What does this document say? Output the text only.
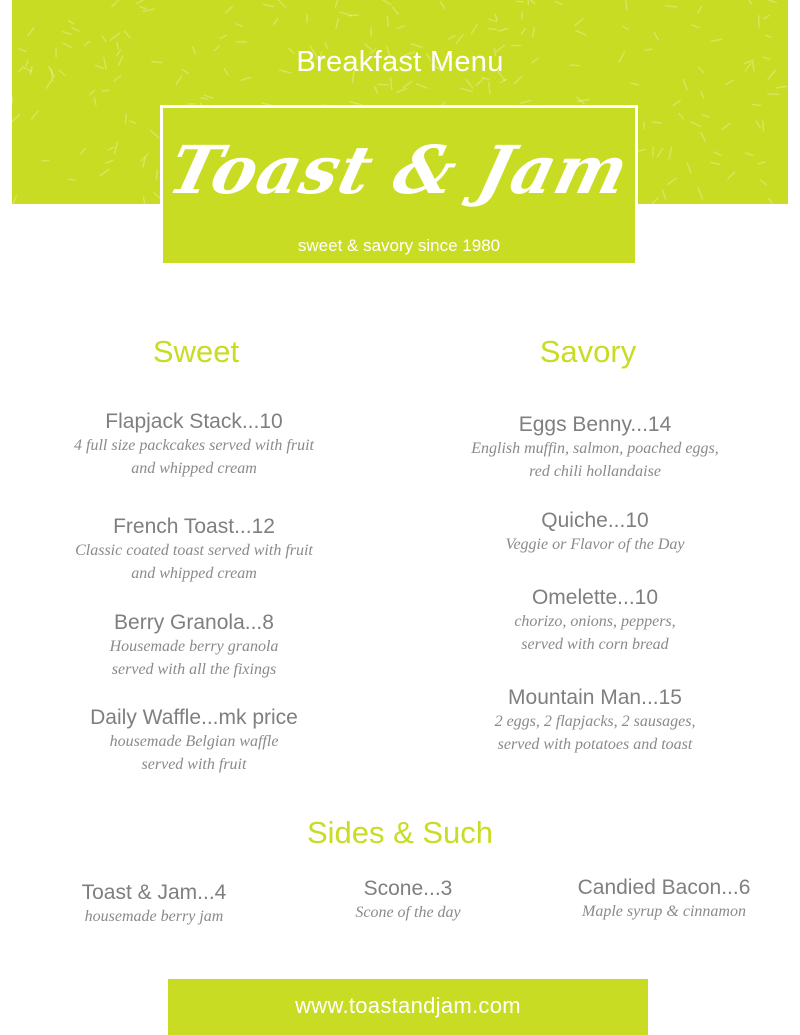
Breakfast Menu
Toast & Jam
sweet & savory since 1980
Sweet
Flapjack Stack...10
4 full size packcakes served with fruit
and whipped cream
French Toast...12
Classic coated toast served with fruit
and whipped cream
Berry Granola...8
Housemade berry granola
served with all the fixings
Daily Waffle...mk price
housemade Belgian waffle
served with fruit
Savory
Eggs Benny...14
English muffin, salmon, poached eggs,
red chili hollandaise
Quiche...10
Veggie or Flavor of the Day
Omelette...10
chorizo, onions, peppers,
served with corn bread
Mountain Man...15
2 eggs, 2 flapjacks, 2 sausages,
served with potatoes and toast
Sides & Such
Toast & Jam...4
housemade berry jam
Scone...3
Scone of the day
Candied Bacon...6
Maple syrup & cinnamon
www.toastandjam.com
